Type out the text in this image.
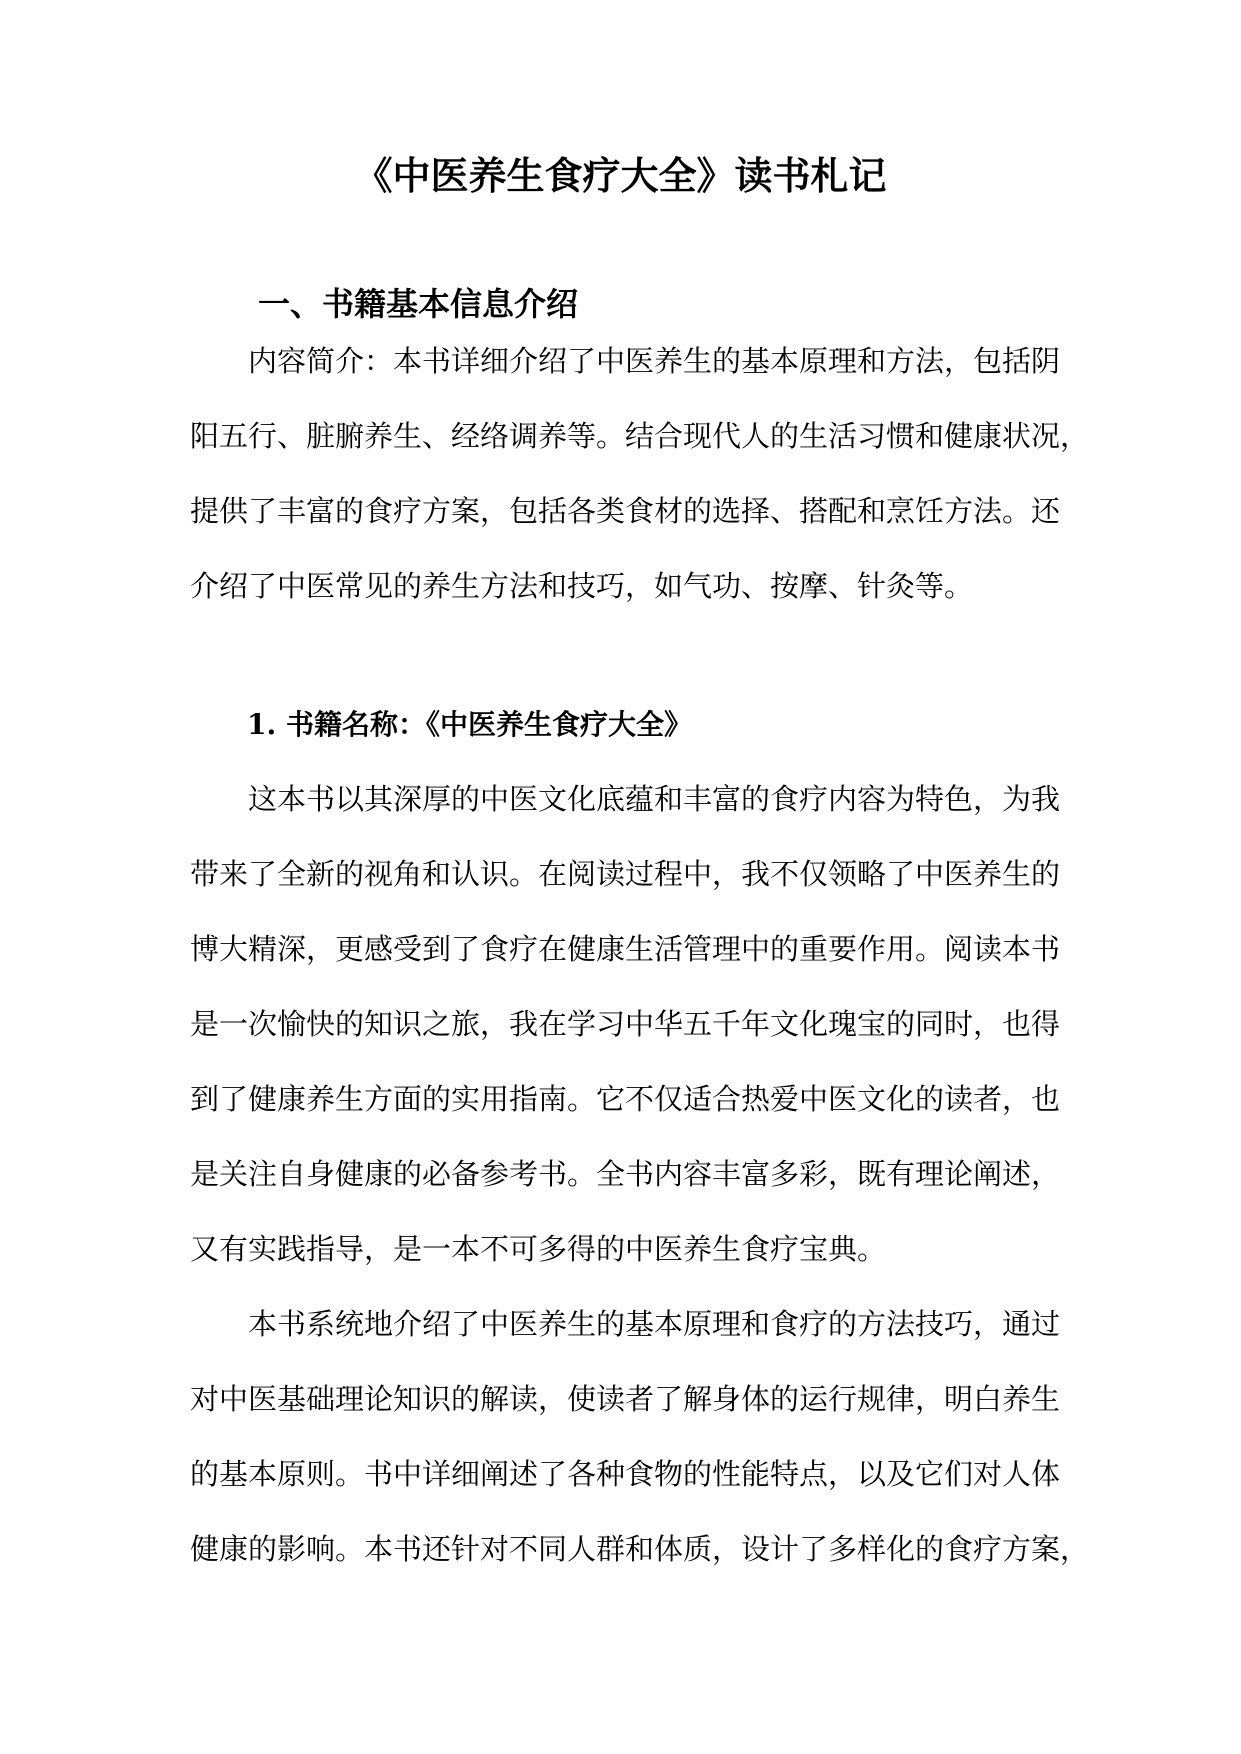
《中医养生食疗大全》读书札记
一、书籍基本信息介绍

内容简介：本书详细介绍了中医养生的基本原理和方法，包括阴
阳五行、脏腑养生、经络调养等。结合现代人的生活习惯和健康状况，
提供了丰富的食疗方案，包括各类食材的选择、搭配和烹饪方法。还
介绍了中医常见的养生方法和技巧，如气功、按摩、针灸等。

1. 书籍名称：《中医养生食疗大全》

这本书以其深厚的中医文化底蕴和丰富的食疗内容为特色，为我
带来了全新的视角和认识。在阅读过程中，我不仅领略了中医养生的
博大精深，更感受到了食疗在健康生活管理中的重要作用。阅读本书
是一次愉快的知识之旅，我在学习中华五千年文化瑰宝的同时，也得
到了健康养生方面的实用指南。它不仅适合热爱中医文化的读者，也
是关注自身健康的必备参考书。全书内容丰富多彩，既有理论阐述，
又有实践指导，是一本不可多得的中医养生食疗宝典。

本书系统地介绍了中医养生的基本原理和食疗的方法技巧，通过
对中医基础理论知识的解读，使读者了解身体的运行规律，明白养生
的基本原则。书中详细阐述了各种食物的性能特点，以及它们对人体
健康的影响。本书还针对不同人群和体质，设计了多样化的食疗方案，
